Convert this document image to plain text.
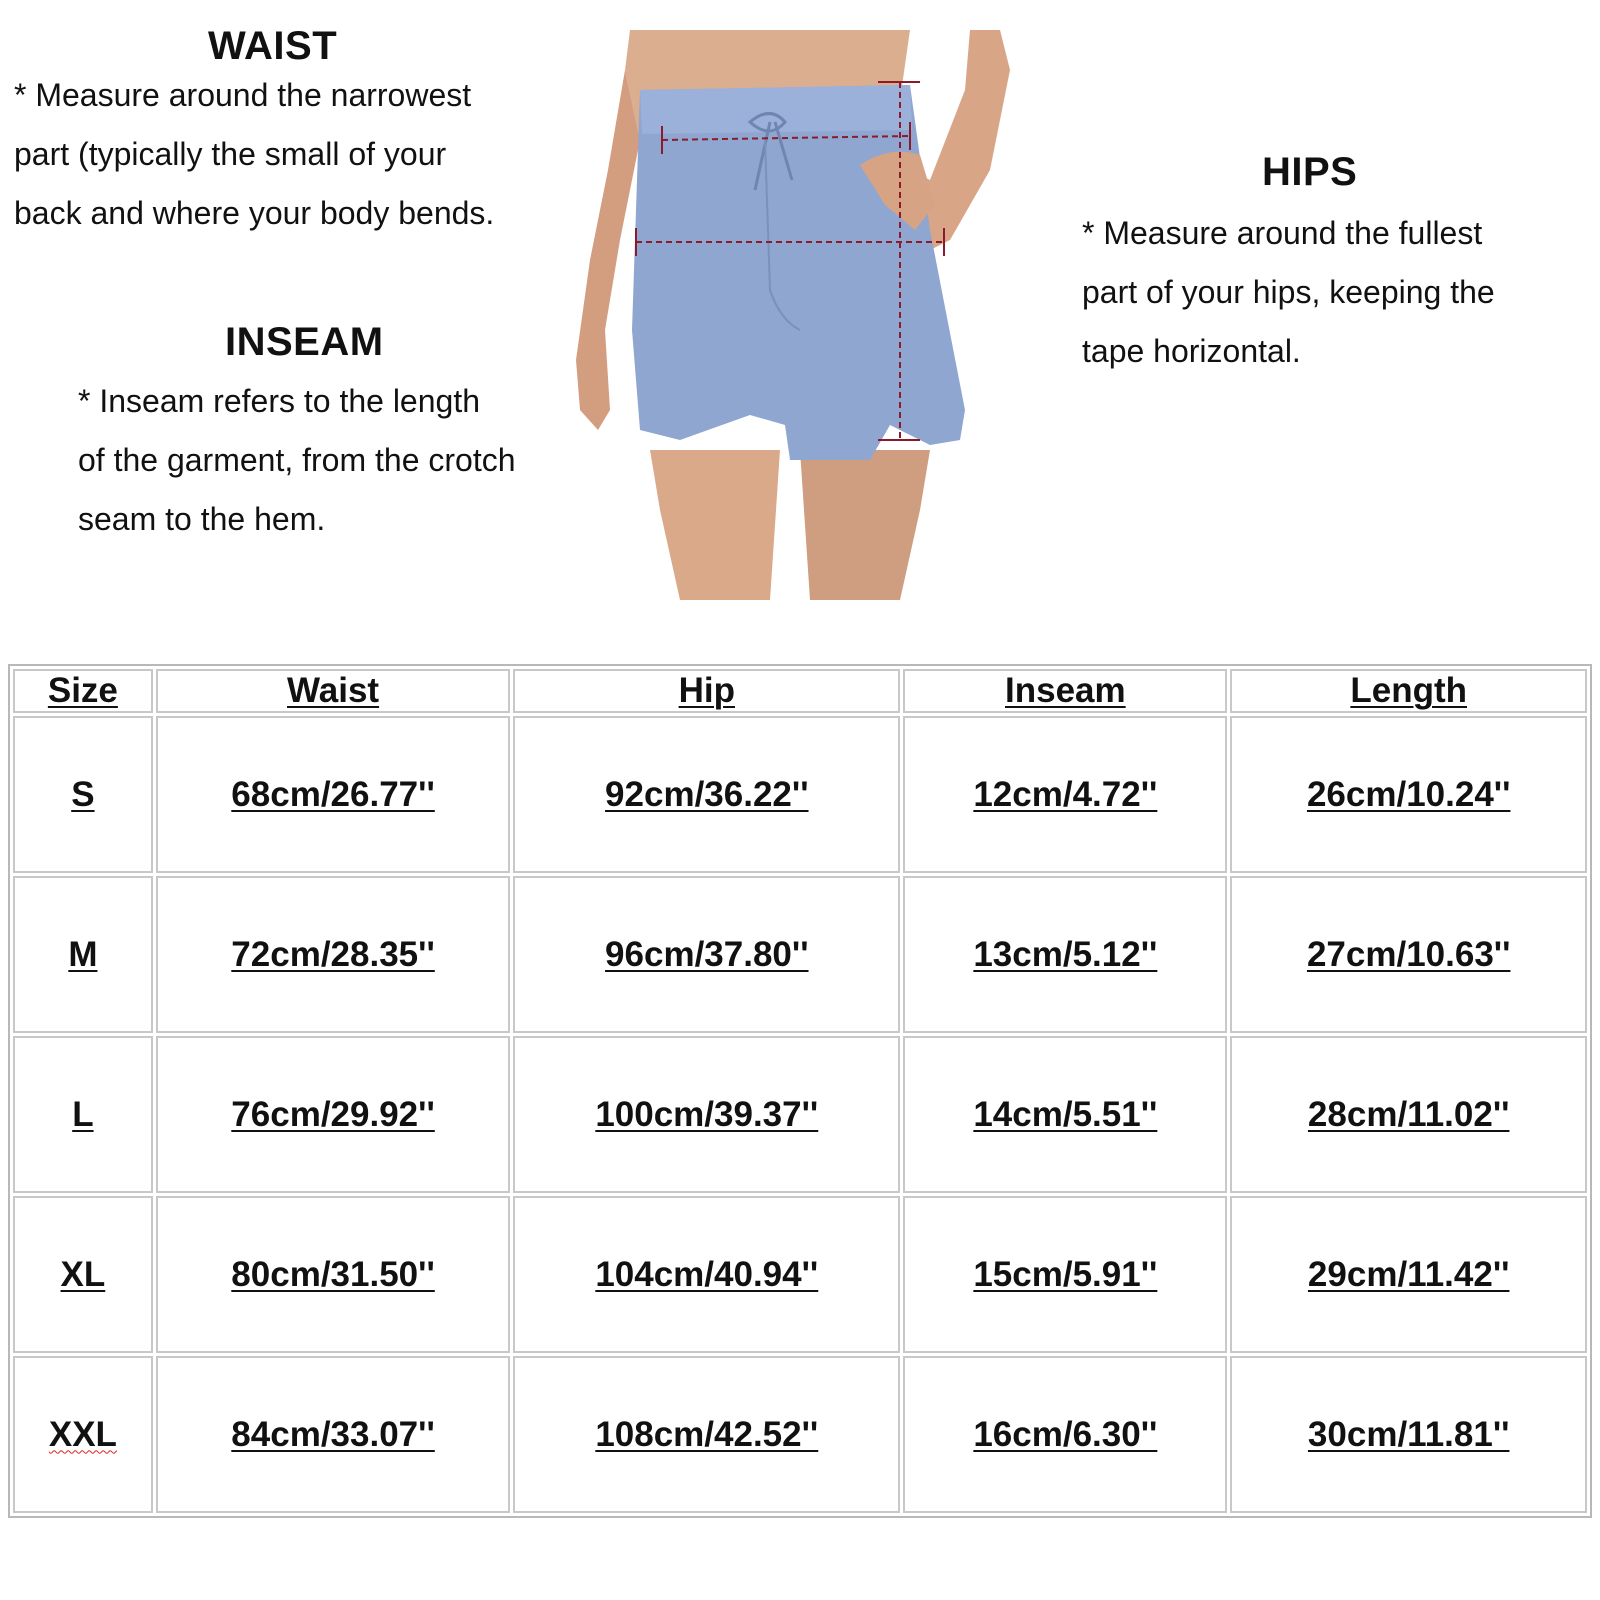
WAIST
* Measure around the narrowest
part (typically the small of your
back and where your body bends.
INSEAM
* Inseam refers to the length
of the garment, from the crotch
seam to the hem.
HIPS
* Measure around the fullest
part of your hips, keeping the
tape horizontal.
Size	Waist	Hip	Inseam	Length
S	68cm/26.77''	92cm/36.22''	12cm/4.72''	26cm/10.24''
M	72cm/28.35''	96cm/37.80''	13cm/5.12''	27cm/10.63''
L	76cm/29.92''	100cm/39.37''	14cm/5.51''	28cm/11.02''
XL	80cm/31.50''	104cm/40.94''	15cm/5.91''	29cm/11.42''
XXL	84cm/33.07''	108cm/42.52''	16cm/6.30''	30cm/11.81''
